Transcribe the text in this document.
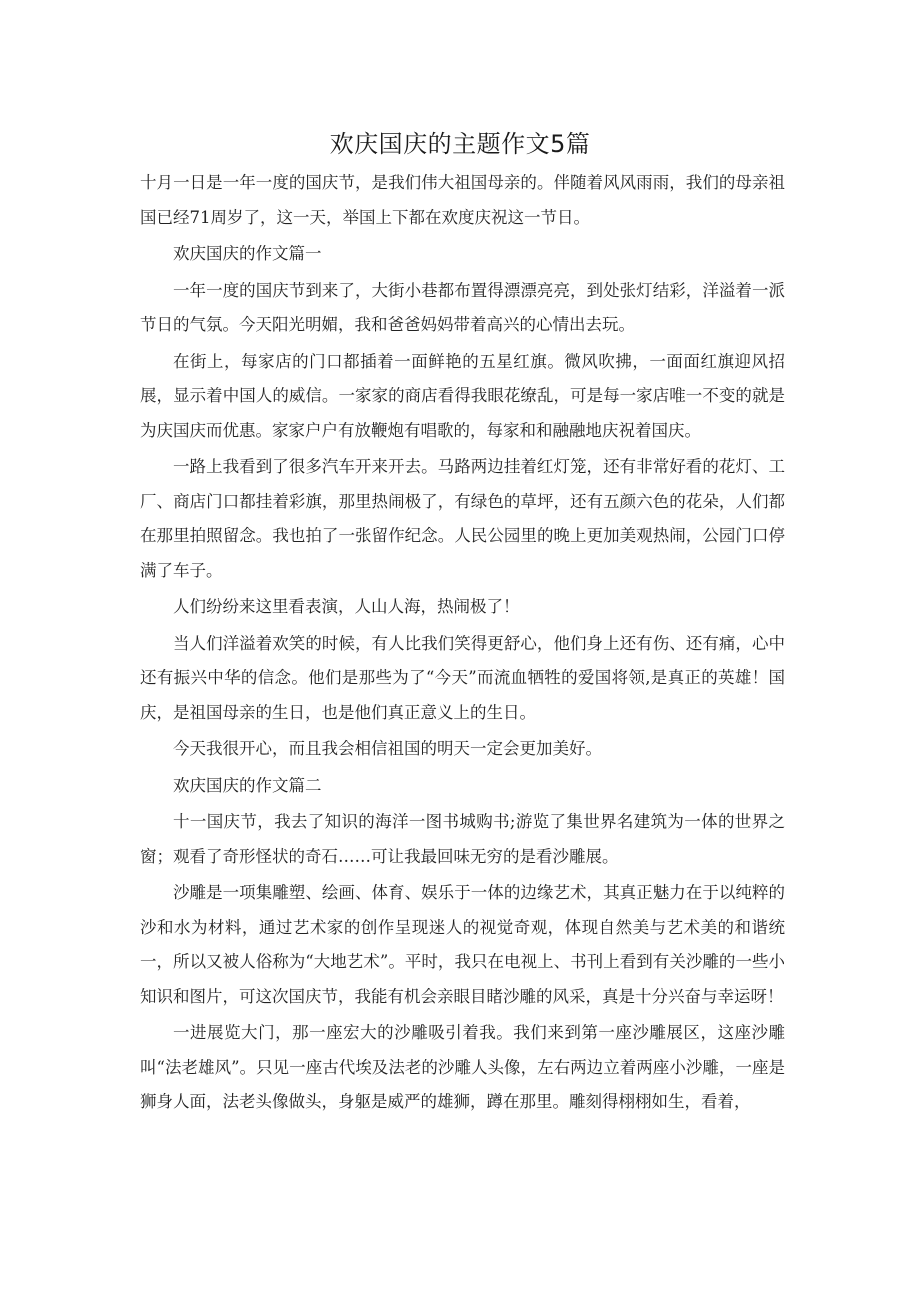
欢庆国庆的主题作文5篇

十月一日是一年一度的国庆节，是我们伟大祖国母亲的。伴随着风风雨雨，我们的母亲祖国已经71周岁了，这一天，举国上下都在欢度庆祝这一节日。

欢庆国庆的作文篇一

一年一度的国庆节到来了，大街小巷都布置得漂漂亮亮，到处张灯结彩，洋溢着一派节日的气氛。今天阳光明媚，我和爸爸妈妈带着高兴的心情出去玩。

在街上，每家店的门口都插着一面鲜艳的五星红旗。微风吹拂，一面面红旗迎风招展，显示着中国人的威信。一家家的商店看得我眼花缭乱，可是每一家店唯一不变的就是为庆国庆而优惠。家家户户有放鞭炮有唱歌的，每家和和融融地庆祝着国庆。

一路上我看到了很多汽车开来开去。马路两边挂着红灯笼，还有非常好看的花灯、工厂、商店门口都挂着彩旗，那里热闹极了，有绿色的草坪，还有五颜六色的花朵，人们都在那里拍照留念。我也拍了一张留作纪念。人民公园里的晚上更加美观热闹，公园门口停满了车子。

人们纷纷来这里看表演，人山人海，热闹极了！

当人们洋溢着欢笑的时候，有人比我们笑得更舒心，他们身上还有伤、还有痛，心中还有振兴中华的信念。他们是那些为了“今天”而流血牺牲的爱国将领,是真正的英雄！国庆，是祖国母亲的生日，也是他们真正意义上的生日。

今天我很开心，而且我会相信祖国的明天一定会更加美好。

欢庆国庆的作文篇二

十一国庆节，我去了知识的海洋一图书城购书;游览了集世界名建筑为一体的世界之窗；观看了奇形怪状的奇石……可让我最回味无穷的是看沙雕展。

沙雕是一项集雕塑、绘画、体育、娱乐于一体的边缘艺术，其真正魅力在于以纯粹的沙和水为材料，通过艺术家的创作呈现迷人的视觉奇观，体现自然美与艺术美的和谐统一，所以又被人俗称为“大地艺术”。平时，我只在电视上、书刊上看到有关沙雕的一些小知识和图片，可这次国庆节，我能有机会亲眼目睹沙雕的风采，真是十分兴奋与幸运呀！

一进展览大门，那一座宏大的沙雕吸引着我。我们来到第一座沙雕展区，这座沙雕叫“法老雄风”。只见一座古代埃及法老的沙雕人头像，左右两边立着两座小沙雕，一座是狮身人面，法老头像做头，身躯是威严的雄狮，蹲在那里。雕刻得栩栩如生，看着，
